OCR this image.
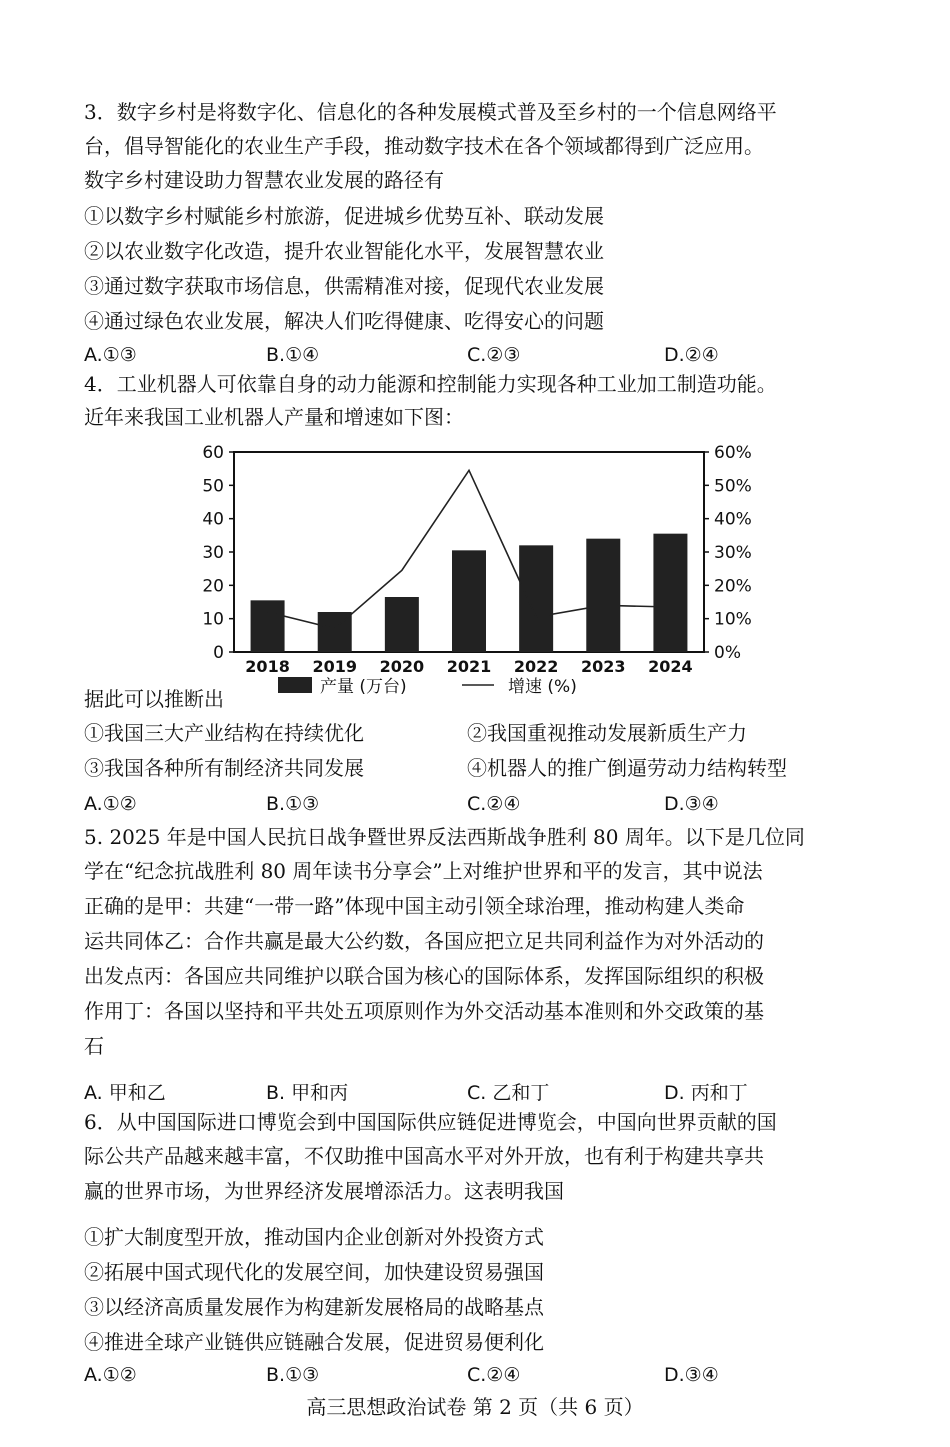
3．数字乡村是将数字化、信息化的各种发展模式普及至乡村的一个信息网络平
台，倡导智能化的农业生产手段，推动数字技术在各个领域都得到广泛应用。
数字乡村建设助力智慧农业发展的路径有
①以数字乡村赋能乡村旅游，促进城乡优势互补、联动发展
②以农业数字化改造，提升农业智能化水平，发展智慧农业
③通过数字获取市场信息，供需精准对接，促现代农业发展
④通过绿色农业发展，解决人们吃得健康、吃得安心的问题
A.①③	B.①④	C.②③	D.②④
4．工业机器人可依靠自身的动力能源和控制能力实现各种工业加工制造功能。
近年来我国工业机器人产量和增速如下图：
0
10
20
30
40
50
60
0%
10%
20%
30%
40%
50%
60%
2018 2019 2020 2021 2022 2023 2024
产量 (万台)	增速 (%)
据此可以推断出
①我国三大产业结构在持续优化	②我国重视推动发展新质生产力
③我国各种所有制经济共同发展	④机器人的推广倒逼劳动力结构转型
A.①②	B.①③	C.②④	D.③④
5. 2025 年是中国人民抗日战争暨世界反法西斯战争胜利 80 周年。以下是几位同
学在“纪念抗战胜利 80 周年读书分享会”上对维护世界和平的发言，其中说法
正确的是甲：共建“一带一路”体现中国主动引领全球治理，推动构建人类命
运共同体乙：合作共赢是最大公约数，各国应把立足共同利益作为对外活动的
出发点丙：各国应共同维护以联合国为核心的国际体系，发挥国际组织的积极
作用丁：各国以坚持和平共处五项原则作为外交活动基本准则和外交政策的基
石
A. 甲和乙	B. 甲和丙	C. 乙和丁	D. 丙和丁
6．从中国国际进口博览会到中国国际供应链促进博览会，中国向世界贡献的国
际公共产品越来越丰富，不仅助推中国高水平对外开放，也有利于构建共享共
赢的世界市场，为世界经济发展增添活力。这表明我国
①扩大制度型开放，推动国内企业创新对外投资方式
②拓展中国式现代化的发展空间，加快建设贸易强国
③以经济高质量发展作为构建新发展格局的战略基点
④推进全球产业链供应链融合发展，促进贸易便利化
A.①②	B.①③	C.②④	D.③④
高三思想政治试卷 第 2 页（共 6 页）
